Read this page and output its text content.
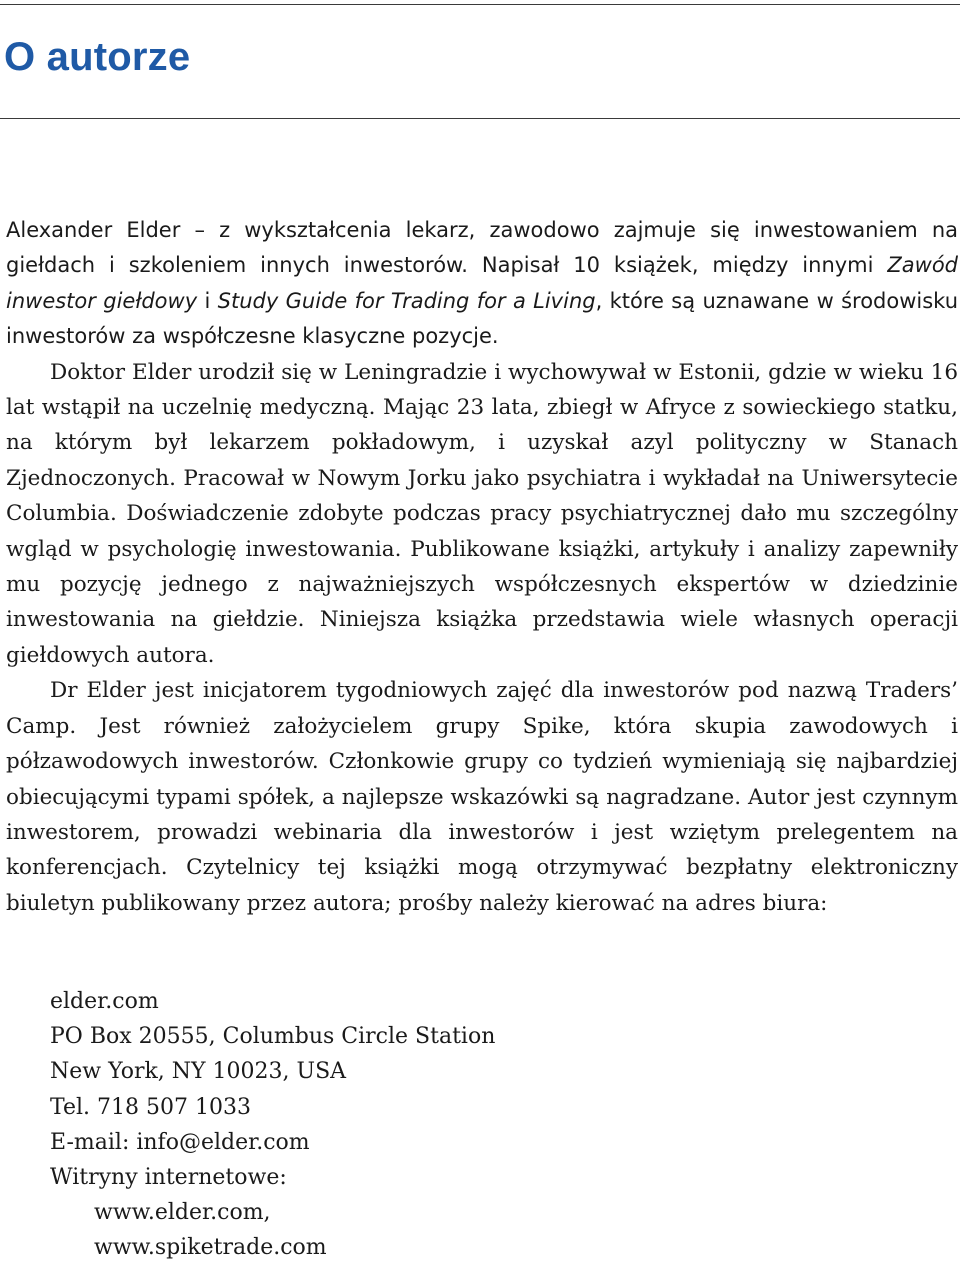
O autorze

Alexander Elder – z wykształcenia lekarz, zawodowo zajmuje się inwestowaniem na giełdach i szkoleniem innych inwestorów. Napisał 10 książek, między innymi Zawód inwestor giełdowy i Study Guide for Trading for a Living, które są uznawane w środowisku inwestorów za współczesne klasyczne pozycje.

Doktor Elder urodził się w Leningradzie i wychowywał w Estonii, gdzie w wieku 16 lat wstąpił na uczelnię medyczną. Mając 23 lata, zbiegł w Afryce z sowieckiego statku, na którym był lekarzem pokładowym, i uzyskał azyl polityczny w Stanach Zjednoczonych. Pracował w Nowym Jorku jako psychiatra i wykładał na Uniwersytecie Columbia. Doświadczenie zdobyte podczas pracy psychiatrycznej dało mu szczególny wgląd w psychologię inwestowania. Publikowane książki, artykuły i analizy zapewniły mu pozycję jednego z najważniejszych współczesnych ekspertów w dziedzinie inwestowania na giełdzie. Niniejsza książka przedstawia wiele własnych operacji giełdowych autora.

Dr Elder jest inicjatorem tygodniowych zajęć dla inwestorów pod nazwą Traders’ Camp. Jest również założycielem grupy Spike, która skupia zawodowych i półzawodowych inwestorów. Członkowie grupy co tydzień wymieniają się najbardziej obiecującymi typami spółek, a najlepsze wskazówki są nagradzane. Autor jest czynnym inwestorem, prowadzi webinaria dla inwestorów i jest wziętym prelegentem na konferencjach. Czytelnicy tej książki mogą otrzymywać bezpłatny elektroniczny biuletyn publikowany przez autora; prośby należy kierować na adres biura:

elder.com
PO Box 20555, Columbus Circle Station
New York, NY 10023, USA
Tel. 718 507 1033
E-mail: info@elder.com
Witryny internetowe:
www.elder.com,
www.spiketrade.com
